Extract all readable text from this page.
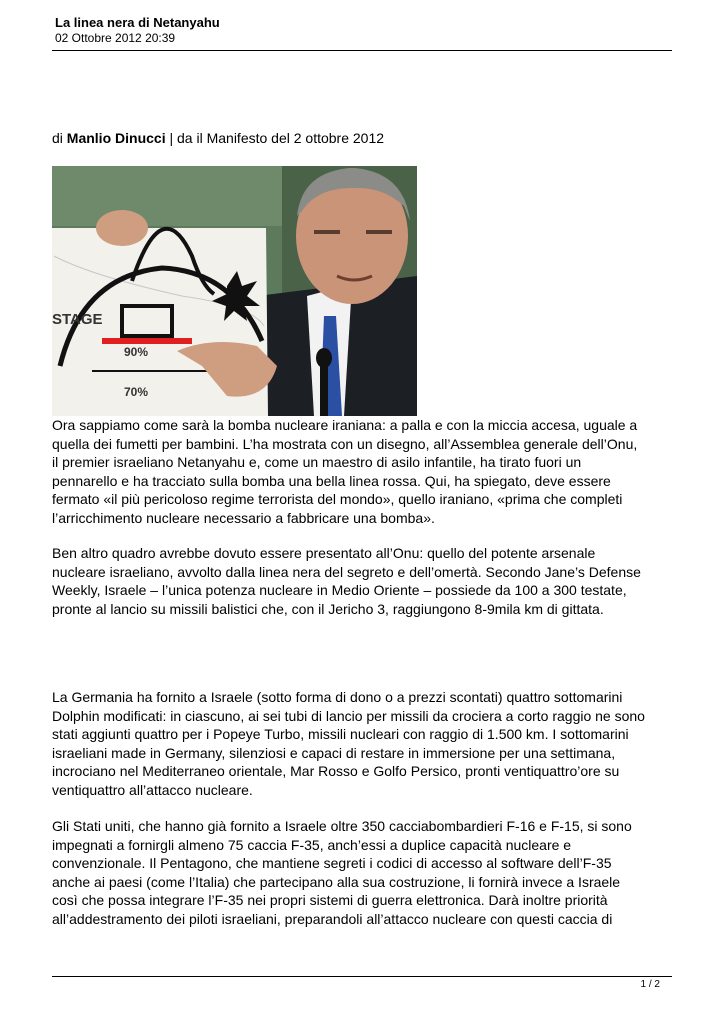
La linea nera di Netanyahu
02 Ottobre 2012 20:39
di Manlio Dinucci | da il Manifesto del 2 ottobre 2012
STAGE
90%
70%

Ora sappiamo come sarà la bomba nucleare iraniana: a palla e con la miccia accesa, uguale a
quella dei fumetti per bambini. L’ha mostrata con un disegno, all’Assemblea generale dell’Onu,
il premier israeliano Netanyahu e, come un maestro di asilo infantile, ha tirato fuori un
pennarello e ha tracciato sulla bomba una bella linea rossa. Qui, ha spiegato, deve essere
fermato «il più pericoloso regime terrorista del mondo», quello iraniano, «prima che completi
l’arricchimento nucleare necessario a fabbricare una bomba».

Ben altro quadro avrebbe dovuto essere presentato all’Onu: quello del potente arsenale
nucleare israeliano, avvolto dalla linea nera del segreto e dell’omertà. Secondo Jane’s Defense
Weekly, Israele – l’unica potenza nucleare in Medio Oriente – possiede da 100 a 300 testate,
pronte al lancio su missili balistici che, con il Jericho 3, raggiungono 8-9mila km di gittata.

La Germania ha fornito a Israele (sotto forma di dono o a prezzi scontati) quattro sottomarini
Dolphin modificati: in ciascuno, ai sei tubi di lancio per missili da crociera a corto raggio ne sono
stati aggiunti quattro per i Popeye Turbo, missili nucleari con raggio di 1.500 km. I sottomarini
israeliani made in Germany, silenziosi e capaci di restare in immersione per una settimana,
incrociano nel Mediterraneo orientale, Mar Rosso e Golfo Persico, pronti ventiquattro’ore su
ventiquattro all’attacco nucleare.

Gli Stati uniti, che hanno già fornito a Israele oltre 350 cacciabombardieri F-16 e F-15, si sono
impegnati a fornirgli almeno 75 caccia F-35, anch’essi a duplice capacità nucleare e
convenzionale. Il Pentagono, che mantiene segreti i codici di accesso al software dell’F-35
anche ai paesi (come l’Italia) che partecipano alla sua costruzione, li fornirà invece a Israele
così che possa integrare l’F-35 nei propri sistemi di guerra elettronica. Darà inoltre priorità
all’addestramento dei piloti israeliani, preparandoli all’attacco nucleare con questi caccia di

1 / 2
